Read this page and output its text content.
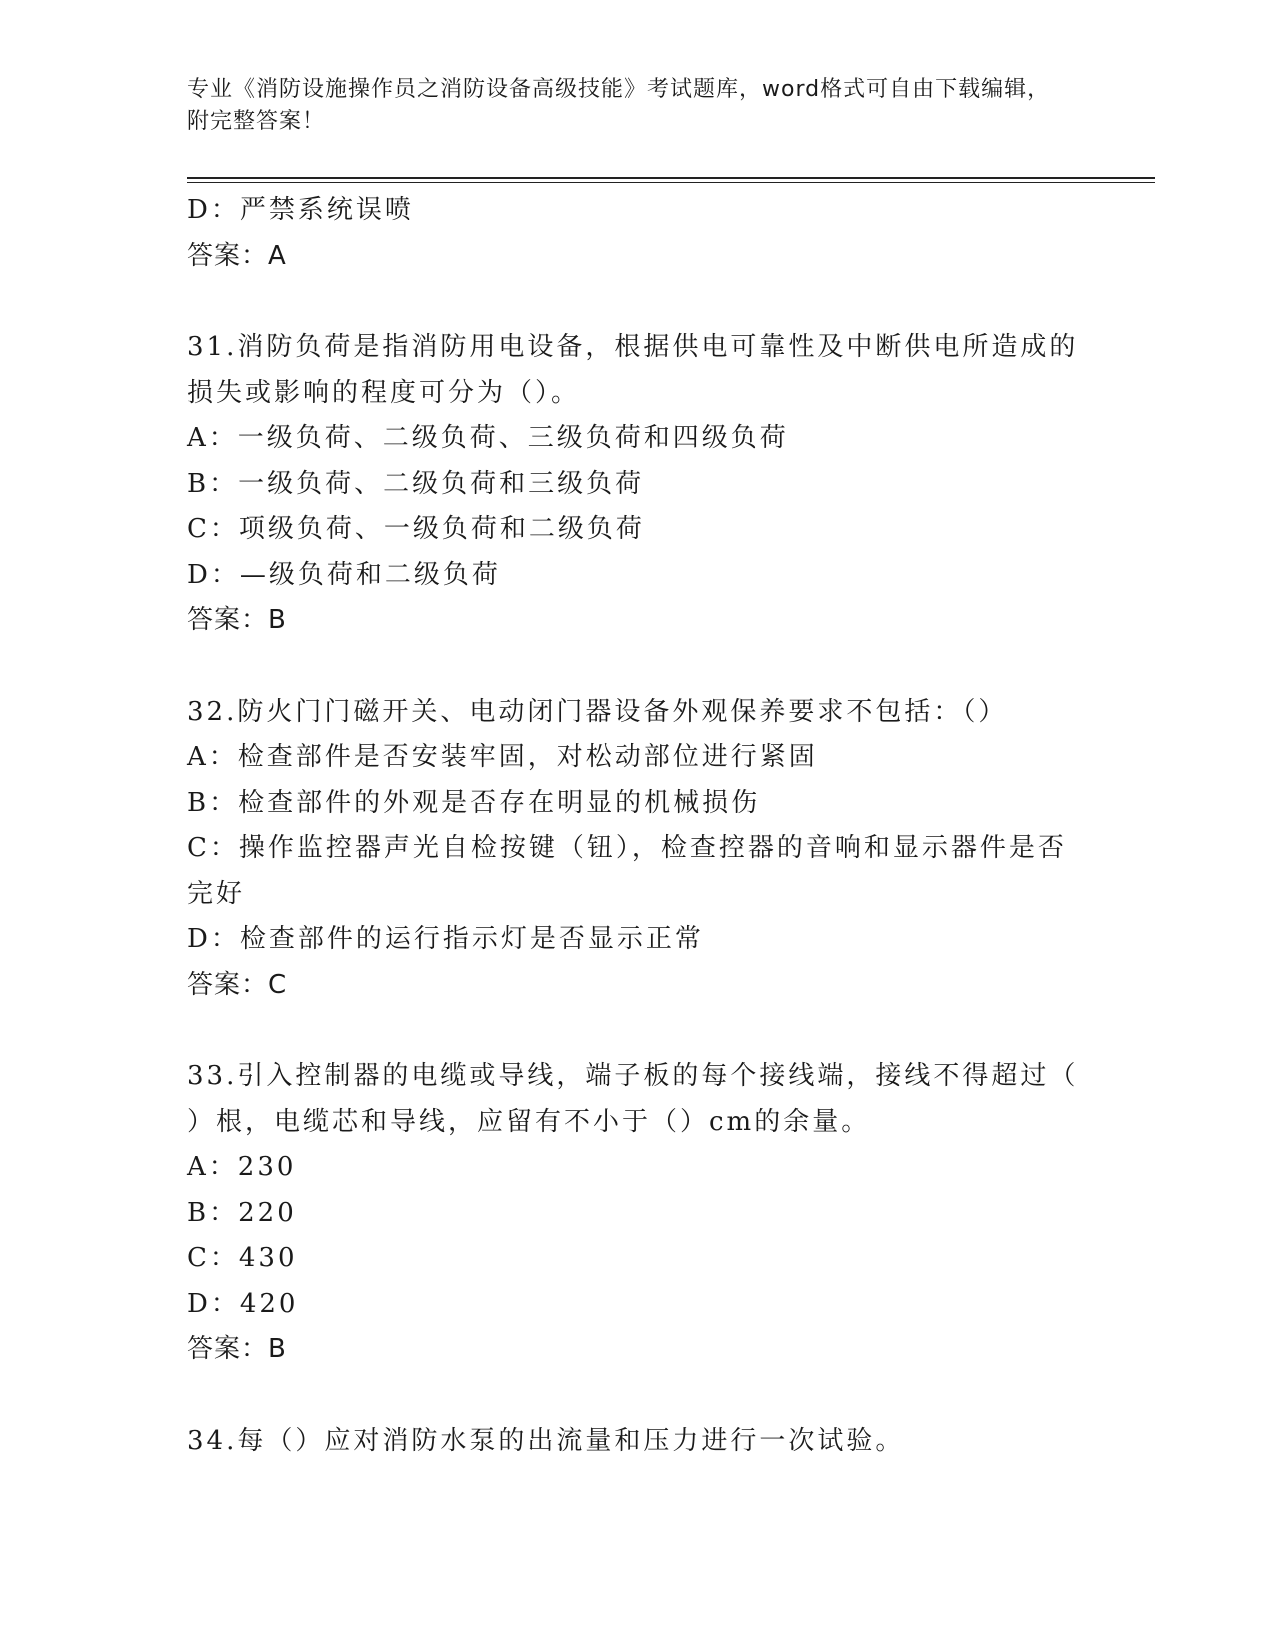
专业《消防设施操作员之消防设备高级技能》考试题库，word格式可自由下载编辑，附完整答案！
D：严禁系统误喷
答案：A
31.消防负荷是指消防用电设备，根据供电可靠性及中断供电所造成的
损失或影响的程度可分为（）。
A：一级负荷、二级负荷、三级负荷和四级负荷
B：一级负荷、二级负荷和三级负荷
C：项级负荷、一级负荷和二级负荷
D：—级负荷和二级负荷
答案：B
32.防火门门磁开关、电动闭门器设备外观保养要求不包括：（）
A：检查部件是否安装牢固，对松动部位进行紧固
B：检查部件的外观是否存在明显的机械损伤
C：操作监控器声光自检按键（钮），检查控器的音响和显示器件是否
完好
D：检查部件的运行指示灯是否显示正常
答案：C
33.引入控制器的电缆或导线，端子板的每个接线端，接线不得超过（
）根，电缆芯和导线，应留有不小于（）cm的余量。
A：230
B：220
C：430
D：420
答案：B
34.每（）应对消防水泵的出流量和压力进行一次试验。
